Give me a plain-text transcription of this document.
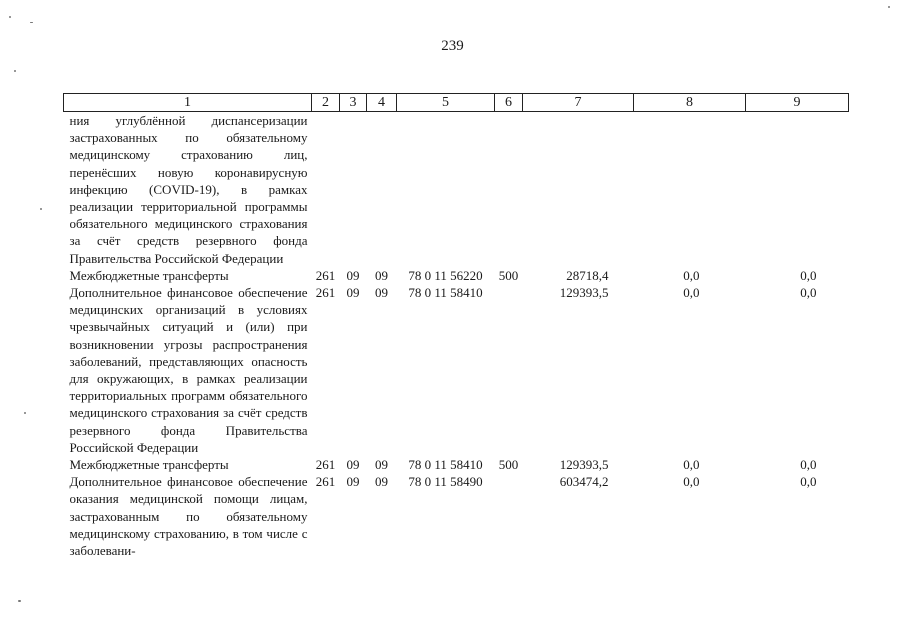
239
1	2	3	4	5	6	7	8	9
ния углублённой диспансеризации застрахованных по обязательному медицинскому страхованию лиц, перенёсших новую коронавирусную инфекцию (COVID-19), в рамках реализации территориальной программы обязательного медицинского страхования за счёт средств резервного фонда Правительства Российской Федерации								
Межбюджетные трансферты	261	09	09	78 0 11 56220	500	28718,4	0,0	0,0
Дополнительное финансовое обеспечение медицинских организаций в условиях чрезвычайных ситуаций и (или) при возникновении угрозы распространения заболеваний, представляющих опасность для окружающих, в рамках реализации территориальных программ обязательного медицинского страхования за счёт средств резервного фонда Правительства Российской Федерации	261	09	09	78 0 11 58410		129393,5	0,0	0,0
Межбюджетные трансферты	261	09	09	78 0 11 58410	500	129393,5	0,0	0,0
Дополнительное финансовое обеспечение оказания медицинской помощи лицам, застрахованным по обязательному медицинскому страхованию, в том числе с заболевани-	261	09	09	78 0 11 58490		603474,2	0,0	0,0
